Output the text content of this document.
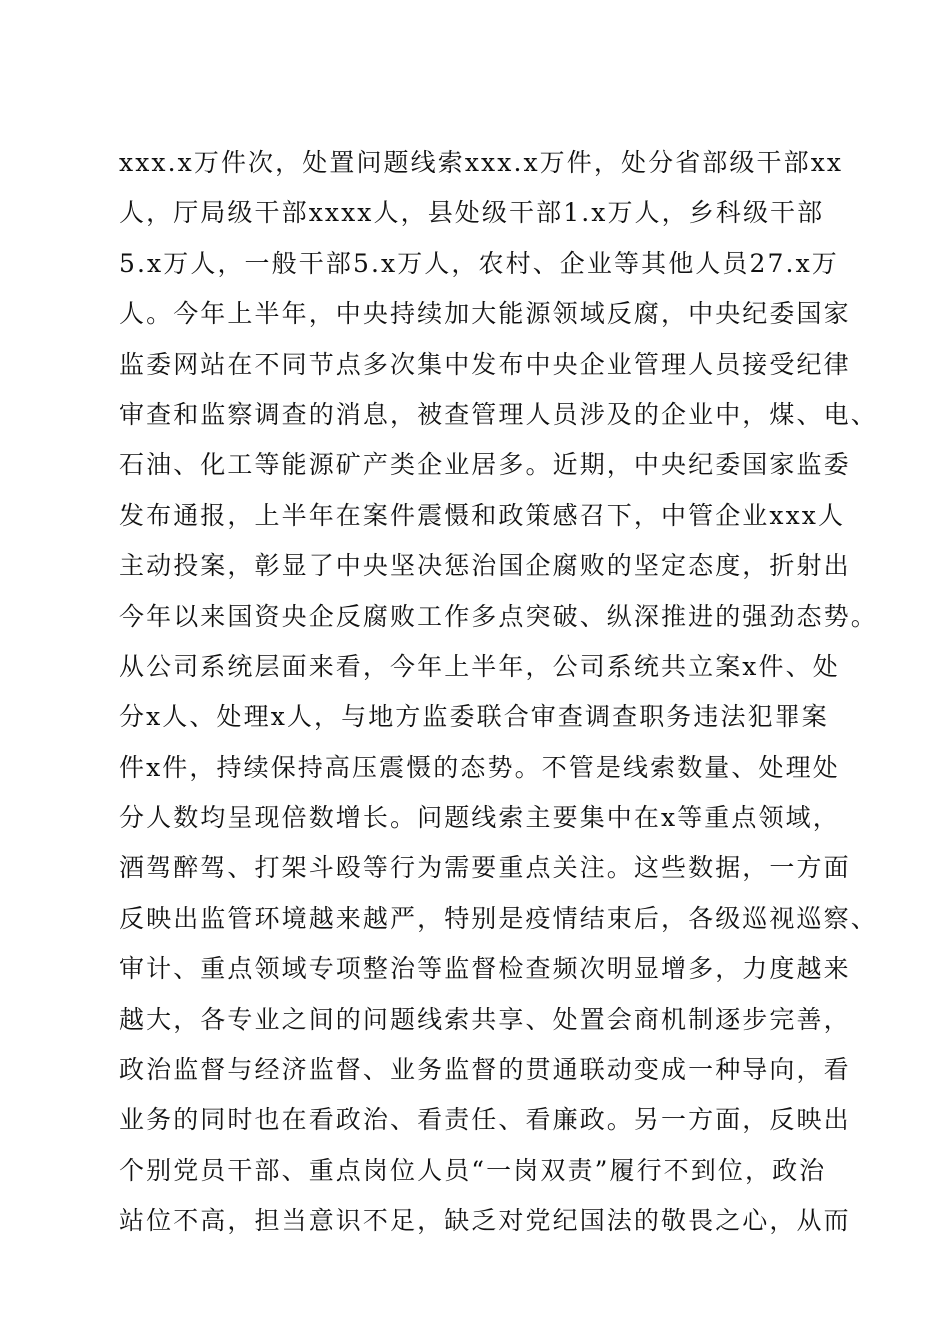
xxx.x万件次，处置问题线索xxx.x万件，处分省部级干部xx
人，厅局级干部xxxx人，县处级干部1.x万人，乡科级干部
5.x万人，一般干部5.x万人，农村、企业等其他人员27.x万
人。今年上半年，中央持续加大能源领域反腐，中央纪委国家
监委网站在不同节点多次集中发布中央企业管理人员接受纪律
审查和监察调查的消息，被查管理人员涉及的企业中，煤、电、
石油、化工等能源矿产类企业居多。近期，中央纪委国家监委
发布通报，上半年在案件震慑和政策感召下，中管企业xxx人
主动投案，彰显了中央坚决惩治国企腐败的坚定态度，折射出
今年以来国资央企反腐败工作多点突破、纵深推进的强劲态势。
从公司系统层面来看，今年上半年，公司系统共立案x件、处
分x人、处理x人，与地方监委联合审查调查职务违法犯罪案
件x件，持续保持高压震慑的态势。不管是线索数量、处理处
分人数均呈现倍数增长。问题线索主要集中在x等重点领域，
酒驾醉驾、打架斗殴等行为需要重点关注。这些数据，一方面
反映出监管环境越来越严，特别是疫情结束后，各级巡视巡察、
审计、重点领域专项整治等监督检查频次明显增多，力度越来
越大，各专业之间的问题线索共享、处置会商机制逐步完善，
政治监督与经济监督、业务监督的贯通联动变成一种导向，看
业务的同时也在看政治、看责任、看廉政。另一方面，反映出
个别党员干部、重点岗位人员“一岗双责”履行不到位，政治
站位不高，担当意识不足，缺乏对党纪国法的敬畏之心，从而
